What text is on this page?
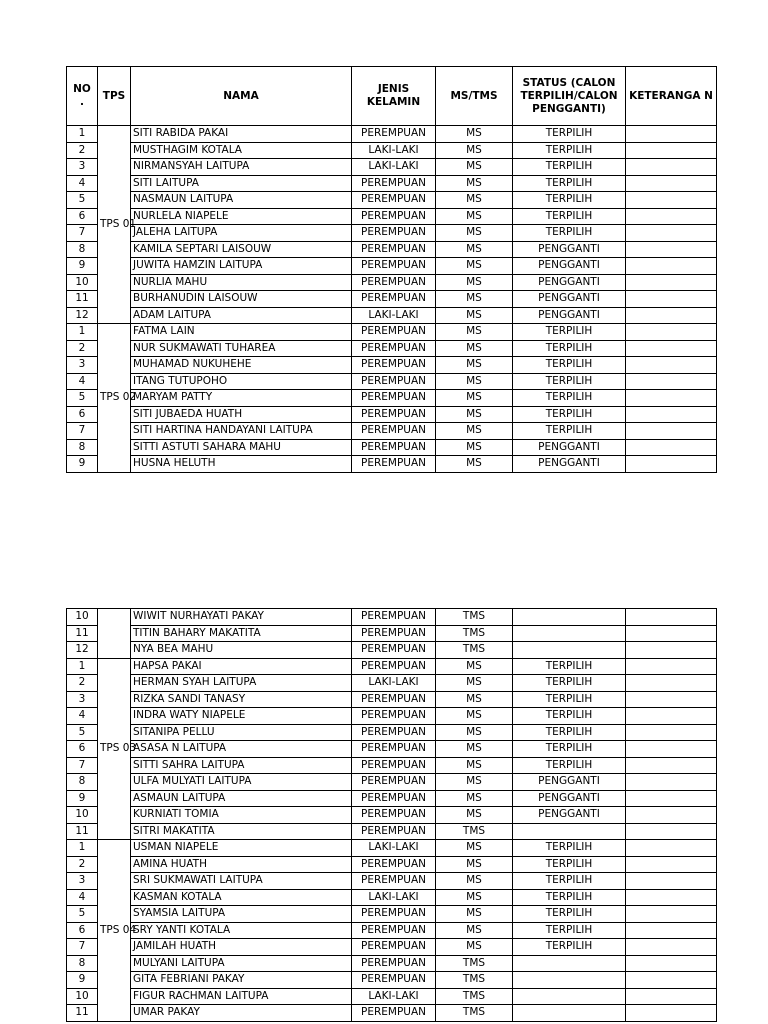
NO
.	TPS	NAMA	JENIS KELAMIN	MS/TMS	STATUS (CALON TERPILIH/CALON PENGGANTI)	KETERANGA N
1	TPS 01	SITI RABIDA PAKAI	PEREMPUAN	MS	TERPILIH	
2		MUSTHAGIM KOTALA	LAKI-LAKI	MS	TERPILIH	
3		NIRMANSYAH LAITUPA	LAKI-LAKI	MS	TERPILIH	
4		SITI LAITUPA	PEREMPUAN	MS	TERPILIH	
5		NASMAUN LAITUPA	PEREMPUAN	MS	TERPILIH	
6		NURLELA NIAPELE	PEREMPUAN	MS	TERPILIH	
7		JALEHA LAITUPA	PEREMPUAN	MS	TERPILIH	
8		KAMILA SEPTARI LAISOUW	PEREMPUAN	MS	PENGGANTI	
9		JUWITA HAMZIN LAITUPA	PEREMPUAN	MS	PENGGANTI	
10		NURLIA MAHU	PEREMPUAN	MS	PENGGANTI	
11		BURHANUDIN LAISOUW	PEREMPUAN	MS	PENGGANTI	
12		ADAM LAITUPA	LAKI-LAKI	MS	PENGGANTI	
1	TPS 02	FATMA LAIN	PEREMPUAN	MS	TERPILIH	
2		NUR SUKMAWATI TUHAREA	PEREMPUAN	MS	TERPILIH	
3		MUHAMAD NUKUHEHE	PEREMPUAN	MS	TERPILIH	
4		ITANG TUTUPOHO	PEREMPUAN	MS	TERPILIH	
5		MARYAM PATTY	PEREMPUAN	MS	TERPILIH	
6		SITI JUBAEDA HUATH	PEREMPUAN	MS	TERPILIH	
7		SITI HARTINA HANDAYANI LAITUPA	PEREMPUAN	MS	TERPILIH	
8		SITTI ASTUTI SAHARA MAHU	PEREMPUAN	MS	PENGGANTI	
9		HUSNA HELUTH	PEREMPUAN	MS	PENGGANTI	
10		WIWIT NURHAYATI PAKAY	PEREMPUAN	TMS		
11		TITIN BAHARY MAKATITA	PEREMPUAN	TMS		
12		NYA BEA MAHU	PEREMPUAN	TMS		
1	TPS 03	HAPSA PAKAI	PEREMPUAN	MS	TERPILIH	
2		HERMAN SYAH LAITUPA	LAKI-LAKI	MS	TERPILIH	
3		RIZKA SANDI TANASY	PEREMPUAN	MS	TERPILIH	
4		INDRA WATY NIAPELE	PEREMPUAN	MS	TERPILIH	
5		SITANIPA PELLU	PEREMPUAN	MS	TERPILIH	
6		ASASA N LAITUPA	PEREMPUAN	MS	TERPILIH	
7		SITTI SAHRA LAITUPA	PEREMPUAN	MS	TERPILIH	
8		ULFA MULYATI LAITUPA	PEREMPUAN	MS	PENGGANTI	
9		ASMAUN LAITUPA	PEREMPUAN	MS	PENGGANTI	
10		KURNIATI TOMIA	PEREMPUAN	MS	PENGGANTI	
11		SITRI MAKATITA	PEREMPUAN	TMS		
1	TPS 04	USMAN NIAPELE	LAKI-LAKI	MS	TERPILIH	
2		AMINA HUATH	PEREMPUAN	MS	TERPILIH	
3		SRI SUKMAWATI LAITUPA	PEREMPUAN	MS	TERPILIH	
4		KASMAN KOTALA	LAKI-LAKI	MS	TERPILIH	
5		SYAMSIA LAITUPA	PEREMPUAN	MS	TERPILIH	
6		SRY YANTI KOTALA	PEREMPUAN	MS	TERPILIH	
7		JAMILAH HUATH	PEREMPUAN	MS	TERPILIH	
8		MULYANI LAITUPA	PEREMPUAN	TMS		
9		GITA FEBRIANI PAKAY	PEREMPUAN	TMS		
10		FIGUR RACHMAN LAITUPA	LAKI-LAKI	TMS		
11		UMAR PAKAY	PEREMPUAN	TMS		
